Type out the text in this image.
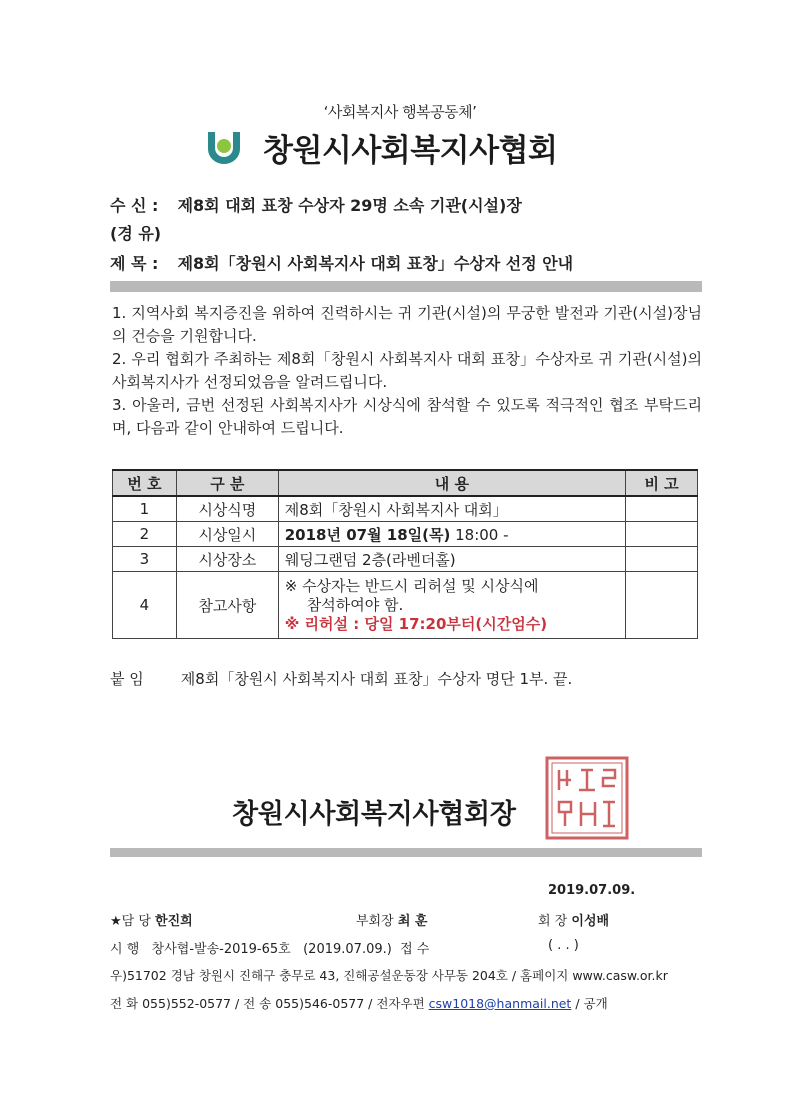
‘사회복지사 행복공동체’
창원시사회복지사협회
수 신 : 제8회 대회 표창 수상자 29명 소속 기관(시설)장
(경 유)
제 목 : 제8회「창원시 사회복지사 대회 표창」수상자 선정 안내

1. 지역사회 복지증진을 위하여 진력하시는 귀 기관(시설)의 무궁한 발전과 기관(시설)장님의 건승을 기원합니다.

2. 우리 협회가 주최하는 제8회「창원시 사회복지사 대회 표창」수상자로 귀 기관(시설)의 사회복지사가 선정되었음을 알려드립니다.

3. 아울러, 금번 선정된 사회복지사가 시상식에 참석할 수 있도록 적극적인 협조 부탁드리며, 다음과 같이 안내하여 드립니다.

번 호	구 분	내 용	비 고
1	시상식명	제8회「창원시 사회복지사 대회」	
2	시상일시	2018년 07월 18일(목) 18:00 -	
3	시상장소	웨딩그랜덤 2층(라벤더홀)	
4	참고사항	※ 수상자는 반드시 리허설 및 시상식에
참석하여야 함.
※ 리허설 : 당일 17:20부터(시간엄수)	

붙 임 제8회「창원시 사회복지사 대회 표창」수상자 명단 1부. 끝.
창원시사회복지사협회장
2019.07.09.
★담 당 한진희	부회장 최 훈	회 장 이성배
시 행 창사협-발송-2019-65호 (2019.07.09.) 접 수	( . . )
우)51702 경남 창원시 진해구 충무로 43, 진해공설운동장 사무동 204호 / 홈페이지 www.casw.or.kr
전 화 055)552-0577 / 전 송 055)546-0577 / 전자우편 csw1018@hanmail.net / 공개
